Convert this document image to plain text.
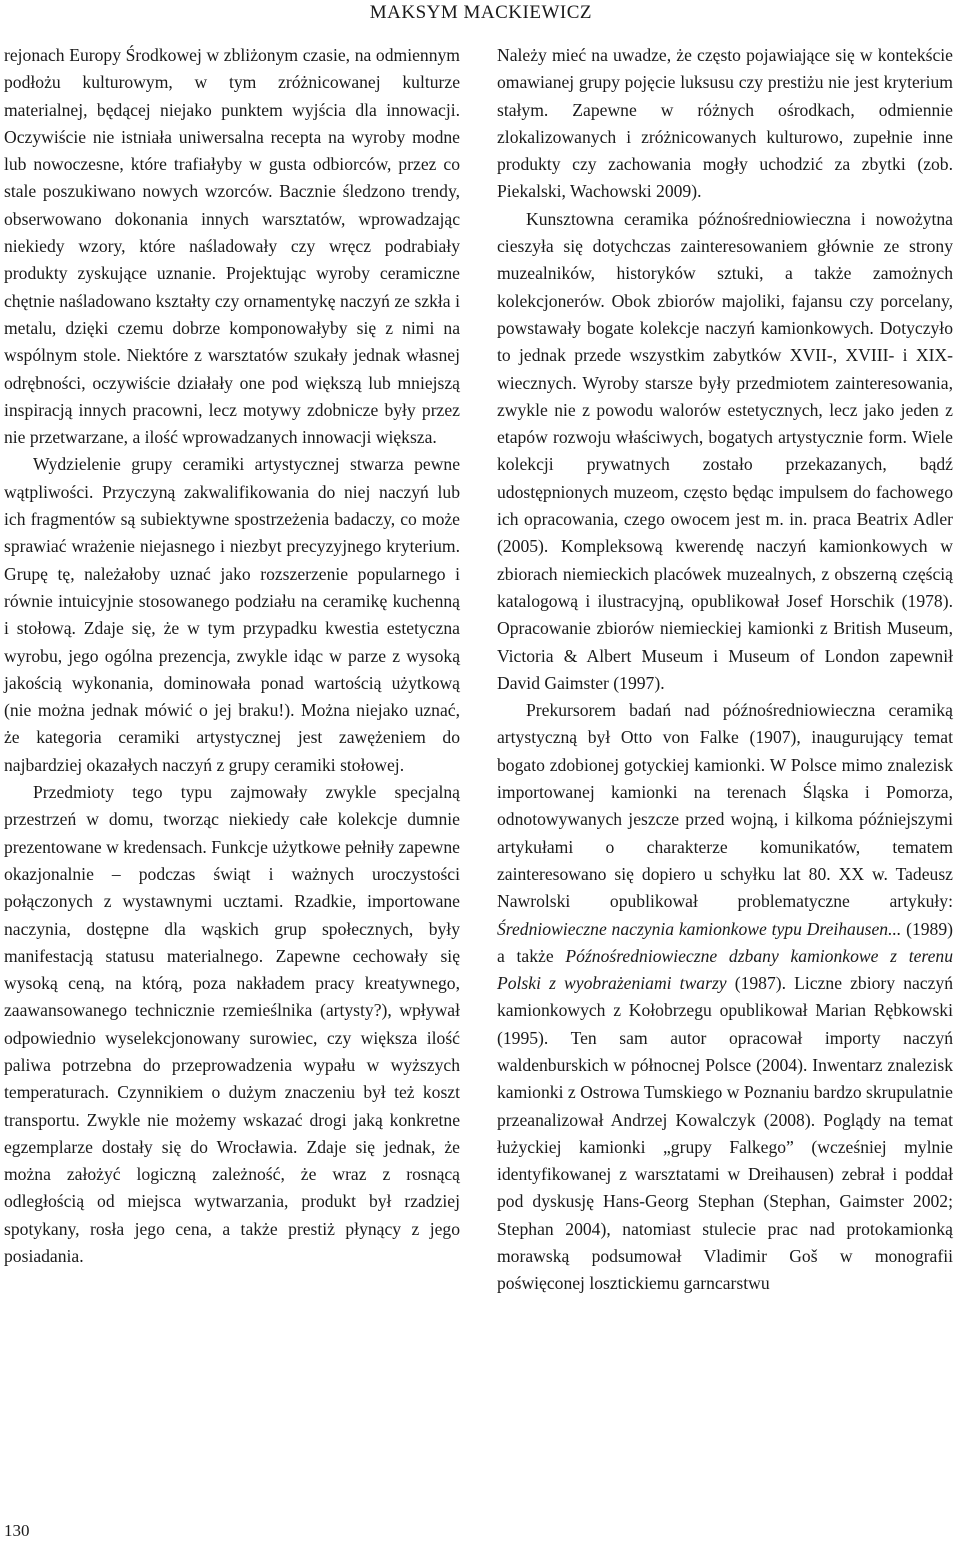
MAKSYM MACKIEWICZ

rejonach Europy Środkowej w zbliżonym czasie, na odmiennym podłożu kulturowym, w tym zróżnicowanej kulturze materialnej, będącej niejako punktem wyjścia dla innowacji. Oczywiście nie istniała uniwersalna recepta na wyroby modne lub nowoczesne, które trafiałyby w gusta odbiorców, przez co stale poszukiwano nowych wzorców. Bacznie śledzono trendy, obserwowano dokonania innych warsztatów, wprowadzając niekiedy wzory, które naśladowały czy wręcz podrabiały produkty zyskujące uznanie. Projektując wyroby ceramiczne chętnie naśladowano kształty czy ornamentykę naczyń ze szkła i metalu, dzięki czemu dobrze komponowałyby się z nimi na wspólnym stole. Niektóre z warsztatów szukały jednak własnej odrębności, oczywiście działały one pod większą lub mniejszą inspiracją innych pracowni, lecz motywy zdobnicze były przez nie przetwarzane, a ilość wprowadzanych innowacji większa.

Wydzielenie grupy ceramiki artystycznej stwarza pewne wątpliwości. Przyczyną zakwalifikowania do niej naczyń lub ich fragmentów są subiektywne spostrzeżenia badaczy, co może sprawiać wrażenie niejasnego i niezbyt precyzyjnego kryterium. Grupę tę, należałoby uznać jako rozszerzenie popularnego i równie intuicyjnie stosowanego podziału na ceramikę kuchenną i stołową. Zdaje się, że w tym przypadku kwestia estetyczna wyrobu, jego ogólna prezencja, zwykle idąc w parze z wysoką jakością wykonania, dominowała ponad wartością użytkową (nie można jednak mówić o jej braku!). Można niejako uznać, że kategoria ceramiki artystycznej jest zawężeniem do najbardziej okazałych naczyń z grupy ceramiki stołowej.

Przedmioty tego typu zajmowały zwykle specjalną przestrzeń w domu, tworząc niekiedy całe kolekcje dumnie prezentowane w kredensach. Funkcje użytkowe pełniły zapewne okazjonalnie – podczas świąt i ważnych uroczystości połączonych z wystawnymi ucztami. Rzadkie, importowane naczynia, dostępne dla wąskich grup społecznych, były manifestacją statusu materialnego. Zapewne cechowały się wysoką ceną, na którą, poza nakładem pracy kreatywnego, zaawansowanego technicznie rzemieślnika (artysty?), wpływał odpowiednio wyselekcjonowany surowiec, czy większa ilość paliwa potrzebna do przeprowadzenia wypału w wyższych temperaturach. Czynnikiem o dużym znaczeniu był też koszt transportu. Zwykle nie możemy wskazać drogi jaką konkretne egzemplarze dostały się do Wrocławia. Zdaje się jednak, że można założyć logiczną zależność, że wraz z rosnącą odległością od miejsca wytwarzania, produkt był rzadziej spotykany, rosła jego cena, a także prestiż płynący z jego posiadania.

Należy mieć na uwadze, że często pojawiające się w kontekście omawianej grupy pojęcie luksusu czy prestiżu nie jest kryterium stałym. Zapewne w różnych ośrodkach, odmiennie zlokalizowanych i zróżnicowanych kulturowo, zupełnie inne produkty czy zachowania mogły uchodzić za zbytki (zob. Piekalski, Wachowski 2009).

Kunsztowna ceramika późnośredniowieczna i nowożytna cieszyła się dotychczas zainteresowaniem głównie ze strony muzealników, historyków sztuki, a także zamożnych kolekcjonerów. Obok zbiorów majoliki, fajansu czy porcelany, powstawały bogate kolekcje naczyń kamionkowych. Dotyczyło to jednak przede wszystkim zabytków XVII-, XVIII- i XIX-wiecznych. Wyroby starsze były przedmiotem zainteresowania, zwykle nie z powodu walorów estetycznych, lecz jako jeden z etapów rozwoju właściwych, bogatych artystycznie form. Wiele kolekcji prywatnych zostało przekazanych, bądź udostępnionych muzeom, często będąc impulsem do fachowego ich opracowania, czego owocem jest m. in. praca Beatrix Adler (2005). Kompleksową kwerendę naczyń kamionkowych w zbiorach niemieckich placówek muzealnych, z obszerną częścią katalogową i ilustracyjną, opublikował Josef Horschik (1978). Opracowanie zbiorów niemieckiej kamionki z British Museum, Victoria & Albert Museum i Museum of London zapewnił David Gaimster (1997).

Prekursorem badań nad późnośredniowieczna ceramiką artystyczną był Otto von Falke (1907), inaugurujący temat bogato zdobionej gotyckiej kamionki. W Polsce mimo znalezisk importowanej kamionki na terenach Śląska i Pomorza, odnotowywanych jeszcze przed wojną, i kilkoma późniejszymi artykułami o charakterze komunikatów, tematem zainteresowano się dopiero u schyłku lat 80. XX w. Tadeusz Nawrolski opublikował problematyczne artykuły: Średniowieczne naczynia kamionkowe typu Dreihausen... (1989) a także Późnośredniowieczne dzbany kamionkowe z terenu Polski z wyobrażeniami twarzy (1987). Liczne zbiory naczyń kamionkowych z Kołobrzegu opublikował Marian Rębkowski (1995). Ten sam autor opracował importy naczyń waldenburskich w północnej Polsce (2004). Inwentarz znalezisk kamionki z Ostrowa Tumskiego w Poznaniu bardzo skrupulatnie przeanalizował Andrzej Kowalczyk (2008). Poglądy na temat łużyckiej kamionki „grupy Falkego” (wcześniej mylnie identyfikowanej z warsztatami w Dreihausen) zebrał i poddał pod dyskusję Hans-Georg Stephan (Stephan, Gaimster 2002; Stephan 2004), natomiast stulecie prac nad protokamionką morawską podsumował Vladimir Goš w monografii poświęconej losztickiemu garncarstwu

130
